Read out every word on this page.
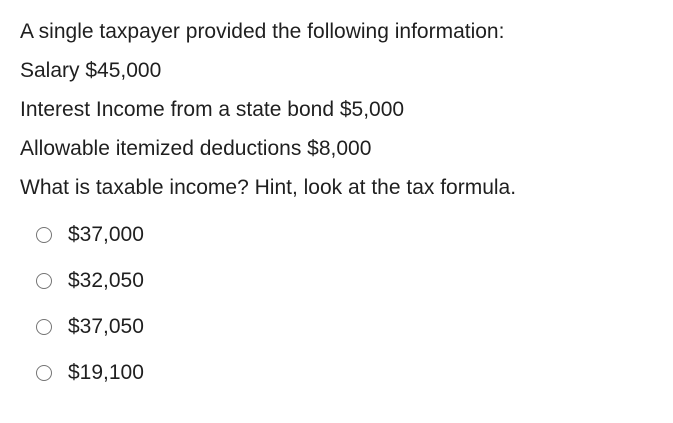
A single taxpayer provided the following information:
Salary $45,000
Interest Income from a state bond $5,000
Allowable itemized deductions $8,000
What is taxable income? Hint, look at the tax formula.
$37,000
$32,050
$37,050
$19,100
